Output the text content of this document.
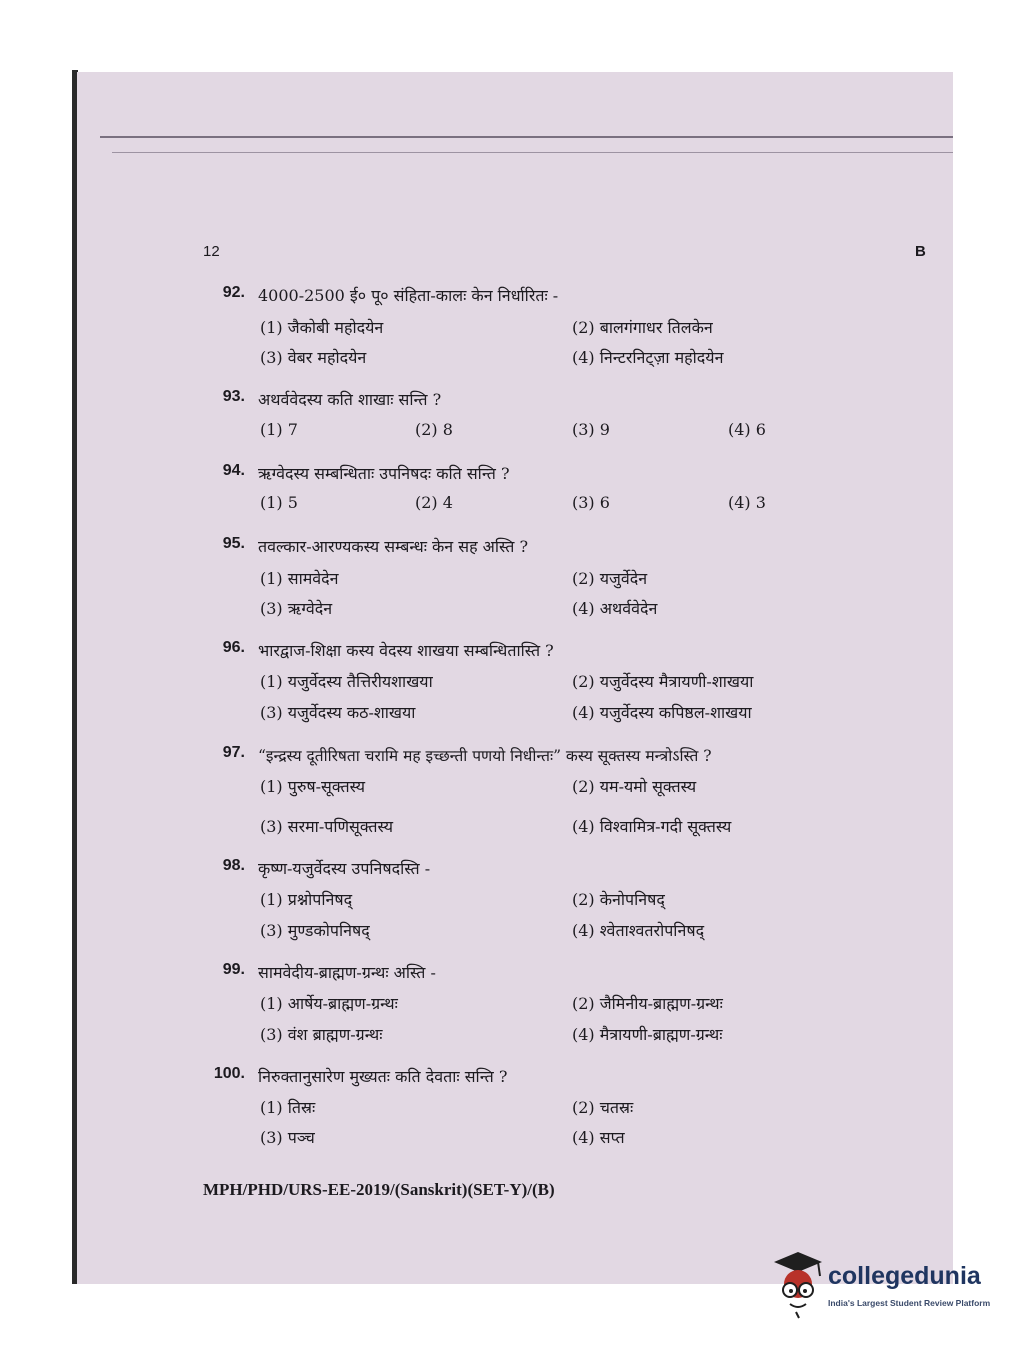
12	B
92. 4000-2500 ई० पू० संहिता-कालः केन निर्धारितः -
(1) जैकोबी महोदयेन	(2) बालगंगाधर तिलकेन
(3) वेबर महोदयेन	(4) निन्टरनिट्ज़ा महोदयेन
93. अथर्ववेदस्य कति शाखाः सन्ति ?
(1) 7	(2) 8	(3) 9	(4) 6
94. ऋग्वेदस्य सम्बन्धिताः उपनिषदः कति सन्ति ?
(1) 5	(2) 4	(3) 6	(4) 3
95. तवल्कार-आरण्यकस्य सम्बन्धः केन सह अस्ति ?
(1) सामवेदेन	(2) यजुर्वेदेन
(3) ऋग्वेदेन	(4) अथर्ववेदेन
96. भारद्वाज-शिक्षा कस्य वेदस्य शाखया सम्बन्धितास्ति ?
(1) यजुर्वेदस्य तैत्तिरीयशाखया	(2) यजुर्वेदस्य मैत्रायणी-शाखया
(3) यजुर्वेदस्य कठ-शाखया	(4) यजुर्वेदस्य कपिष्ठल-शाखया
97. “इन्द्रस्य दूतीरिषता चरामि मह इच्छन्ती पणयो निधीन्तः” कस्य सूक्तस्य मन्त्रोऽस्ति ?
(1) पुरुष-सूक्तस्य	(2) यम-यमो सूक्तस्य
(3) सरमा-पणिसूक्तस्य	(4) विश्वामित्र-गदी सूक्तस्य
98. कृष्ण-यजुर्वेदस्य उपनिषदस्ति -
(1) प्रश्नोपनिषद्	(2) केनोपनिषद्
(3) मुण्डकोपनिषद्	(4) श्वेताश्वतरोपनिषद्
99. सामवेदीय-ब्राह्मण-ग्रन्थः अस्ति -
(1) आर्षेय-ब्राह्मण-ग्रन्थः	(2) जैमिनीय-ब्राह्मण-ग्रन्थः
(3) वंश ब्राह्मण-ग्रन्थः	(4) मैत्रायणी-ब्राह्मण-ग्रन्थः
100. निरुक्तानुसारेण मुख्यतः कति देवताः सन्ति ?
(1) तिस्रः	(2) चतस्रः
(3) पञ्च	(4) सप्त
MPH/PHD/URS-EE-2019/(Sanskrit)(SET-Y)/(B)
collegedunia
India's Largest Student Review Platform
